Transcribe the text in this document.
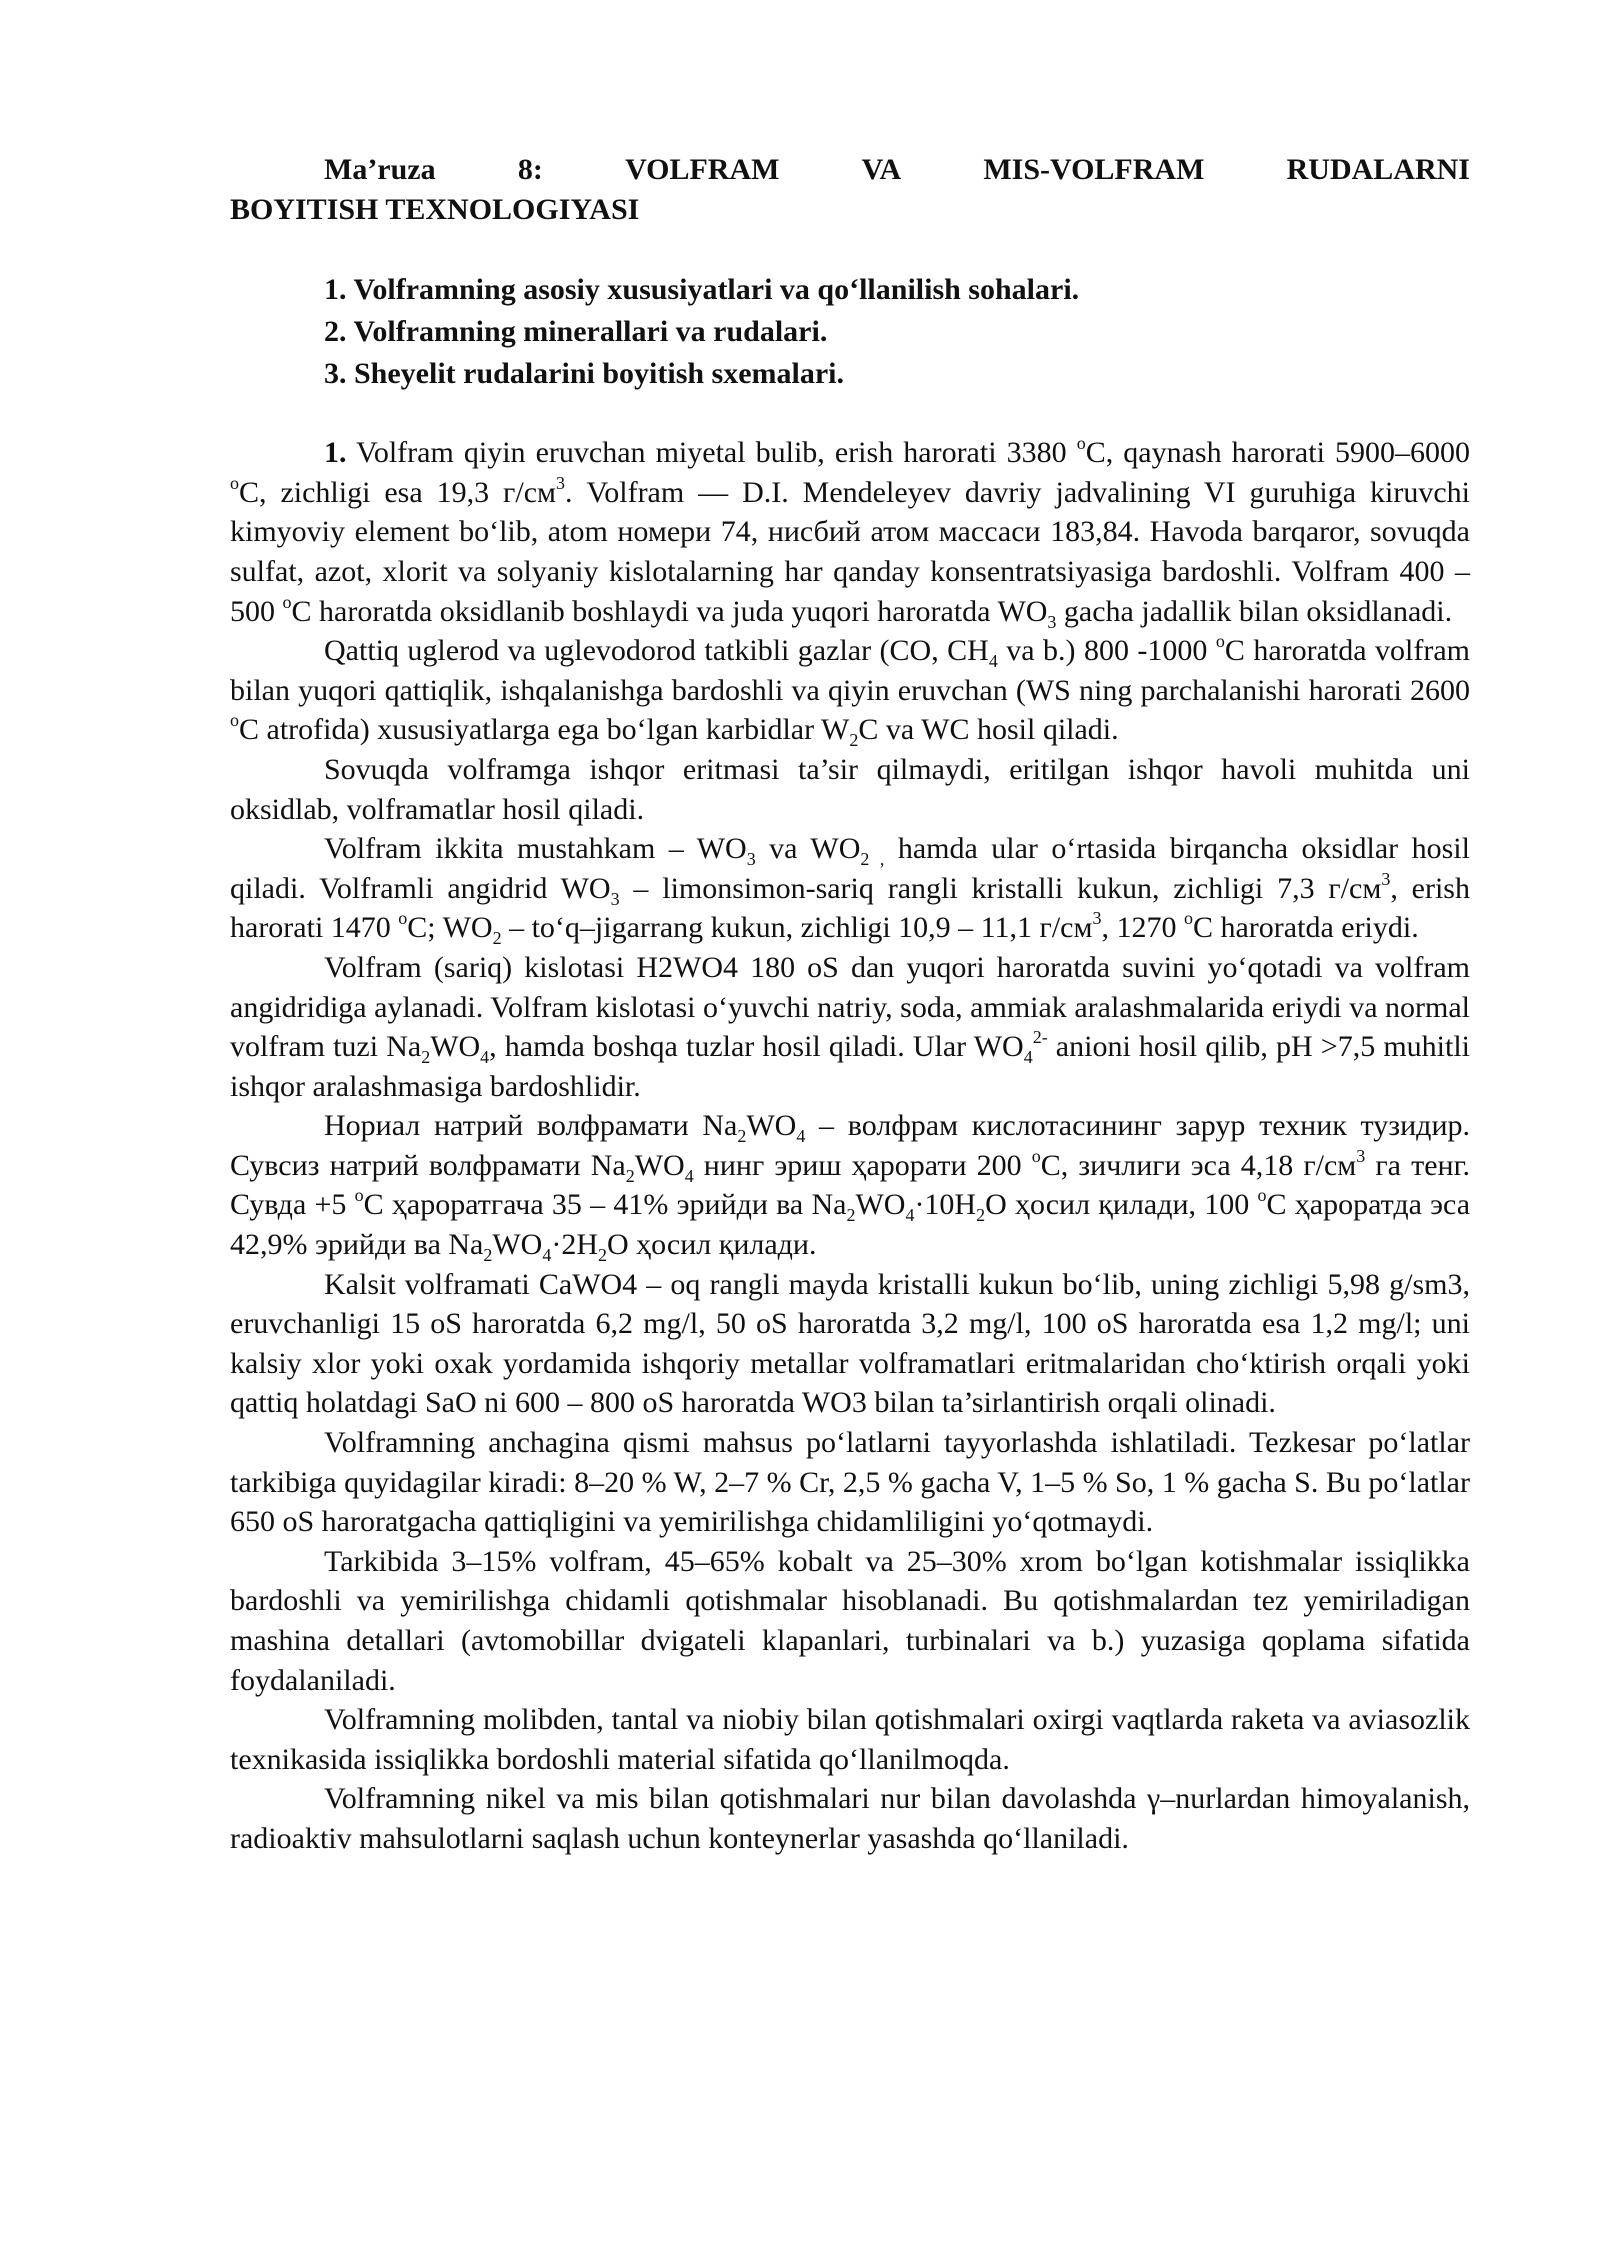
Ma’ruza	8:	VOLFRAM	VA	MIS-VOLFRAM	RUDALARNI
BOYITISH TEXNOLOGIYASI
1. Volframning asosiy xususiyatlari va qo‘llanilish sohalari.
2. Volframning minerallari va rudalari.
3. Sheyelit rudalarini boyitish sxemalari.

1. Volfram qiyin eruvchan miyetal bulib, erish harorati 3380 $^o$C, qaynash harorati 5900–6000 $^o$C, zichligi esa 19,3 $г/см^3$. Volfram — D.I. Mendeleyev davriy jadvalining VI guruhiga kiruvchi kimyoviy element bo‘lib, atom номери 74, нисбий атом массаси 183,84. Havoda barqaror, sovuqda sulfat, azot, xlorit va solyaniy kislotalarning har qanday konsentratsiyasiga bardoshli. Volfram 400 – 500 $^o$C haroratda oksidlanib boshlaydi va juda yuqori haroratda $WO_3$ gacha jadallik bilan oksidlanadi.

Qattiq uglerod va uglevodorod tatkibli gazlar (CO, $CH_4$ va b.) 800 -1000 $^o$C haroratda volfram bilan yuqori qattiqlik, ishqalanishga bardoshli va qiyin eruvchan (WS ning parchalanishi harorati 2600 $^o$C atrofida) xususiyatlarga ega bo‘lgan karbidlar $W_2C$ va WC hosil qiladi.

Sovuqda volframga ishqor eritmasi ta’sir qilmaydi, eritilgan ishqor havoli muhitda uni oksidlab, volframatlar hosil qiladi.

Volfram ikkita mustahkam – $WO_3$ va $WO_{2 ,}$ hamda ular o‘rtasida birqancha oksidlar hosil qiladi. Volframli angidrid $WO_3$ – limonsimon-sariq rangli kristalli kukun, zichligi 7,3 $г/см^3$, erish harorati 1470 $^o$C; $WO_2$ – to‘q–jigarrang kukun, zichligi 10,9 – 11,1 $г/см^3$, 1270 $^o$C haroratda eriydi.

Volfram (sariq) kislotasi H2WO4 180 oS dan yuqori haroratda suvini yo‘qotadi va volfram angidridiga aylanadi. Volfram kislotasi o‘yuvchi natriy, soda, ammiak aralashmalarida eriydi va normal volfram tuzi $Na_2WO_4$, hamda boshqa tuzlar hosil qiladi. Ular $WO_4^{2-}$ anioni hosil qilib, pH >7,5 muhitli ishqor aralashmasiga bardoshlidir.

Нориал натрий волфрамати $Na_2WO_4$ – волфрам кислотасининг зарур техник тузидир. Сувсиз натрий волфрамати $Na_2WO_4$ нинг эриш ҳарорати 200 $^o$C, зичлиги эса 4,18 $г/см^3$ га тенг. Сувда +5 $^o$C ҳароратгача 35 – 41% эрийди ва $Na_2WO_4\cdot 10H_2O$ ҳосил қилади, 100 $^o$C ҳароратда эса 42,9% эрийди ва $Na_2WO_4\cdot 2H_2O$ ҳосил қилади.

Kalsit volframati CaWO4 – oq rangli mayda kristalli kukun bo‘lib, uning zichligi 5,98 g/sm3, eruvchanligi 15 oS haroratda 6,2 mg/l, 50 oS haroratda 3,2 mg/l, 100 oS haroratda esa 1,2 mg/l; uni kalsiy xlor yoki oxak yordamida ishqoriy metallar volframatlari eritmalaridan cho‘ktirish orqali yoki qattiq holatdagi SaO ni 600 – 800 oS haroratda WO3 bilan ta’sirlantirish orqali olinadi.

Volframning anchagina qismi mahsus po‘latlarni tayyorlashda ishlatiladi. Tezkesar po‘latlar tarkibiga quyidagilar kiradi: 8–20 % W, 2–7 % Cr, 2,5 % gacha V, 1–5 % So, 1 % gacha S. Bu po‘latlar 650 oS haroratgacha qattiqligini va yemirilishga chidamliligini yo‘qotmaydi.

Tarkibida 3–15% volfram, 45–65% kobalt va 25–30% xrom bo‘lgan kotishmalar issiqlikka bardoshli va yemirilishga chidamli qotishmalar hisoblanadi. Bu qotishmalardan tez yemiriladigan mashina detallari (avtomobillar dvigateli klapanlari, turbinalari va b.) yuzasiga qoplama sifatida foydalaniladi.

Volframning molibden, tantal va niobiy bilan qotishmalari oxirgi vaqtlarda raketa va aviasozlik texnikasida issiqlikka bordoshli material sifatida qo‘llanilmoqda.

Volframning nikel va mis bilan qotishmalari nur bilan davolashda γ–nurlardan himoyalanish, radioaktiv mahsulotlarni saqlash uchun konteynerlar yasashda qo‘llaniladi.
